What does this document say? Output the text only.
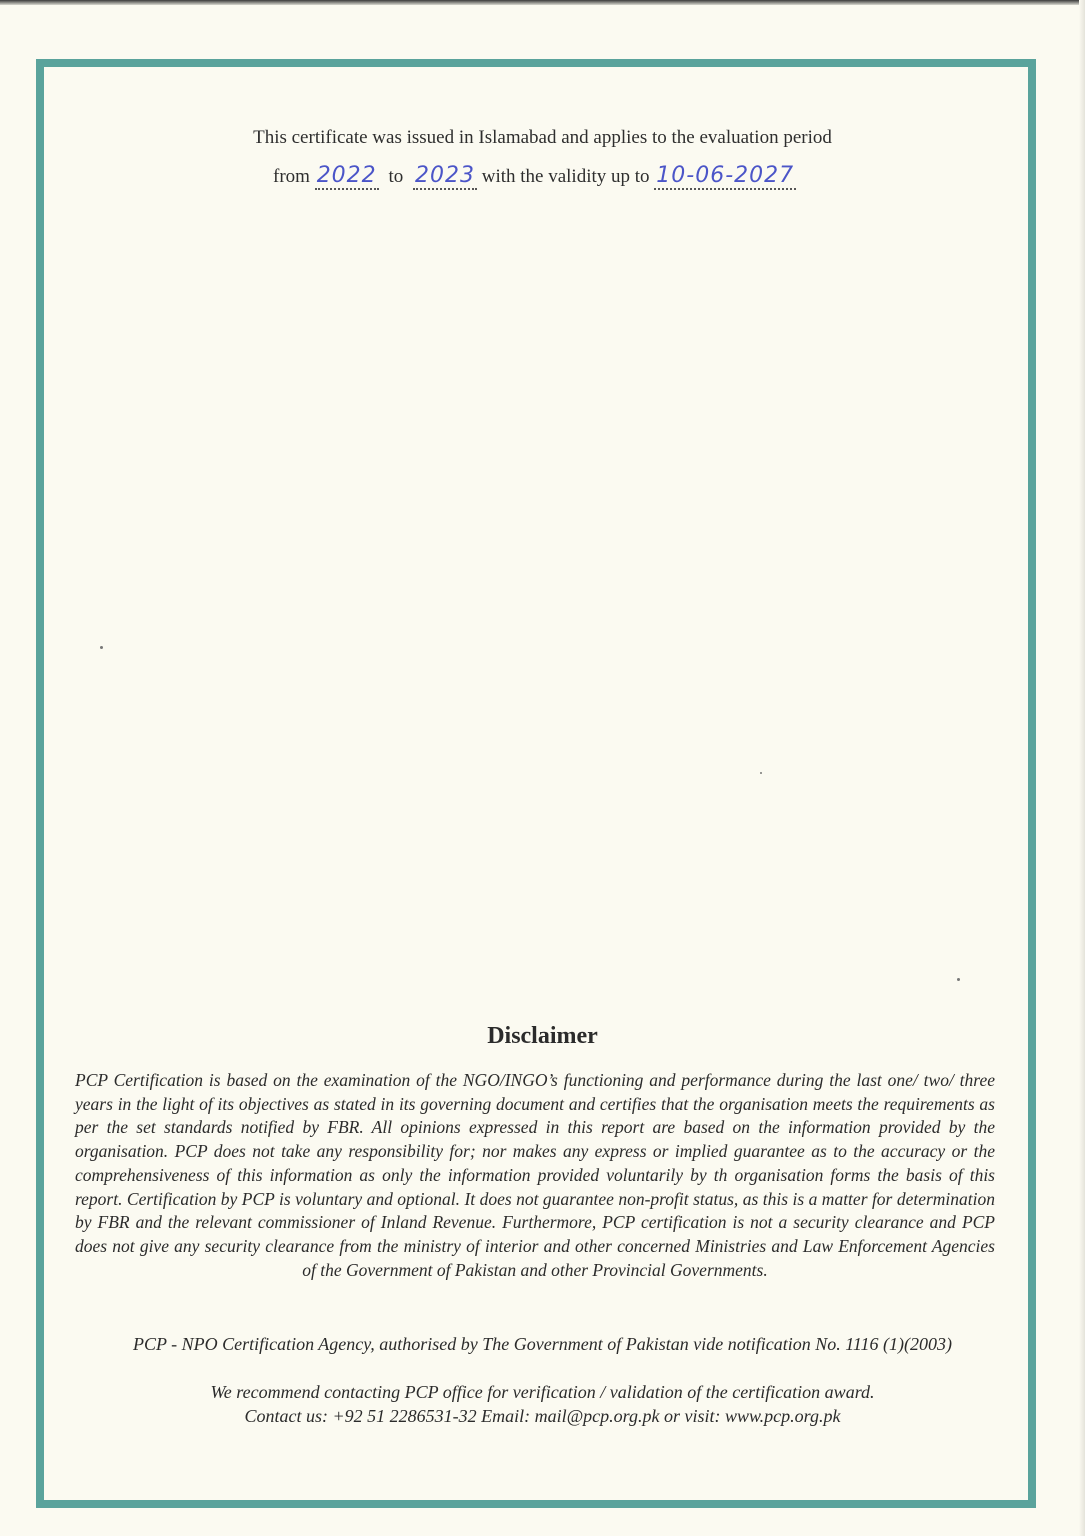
This certificate was issued in Islamabad and applies to the evaluation period
from 2022 to 2023 with the validity up to 10-06-2027
Disclaimer
PCP Certification is based on the examination of the NGO/INGO’s functioning and performance during the last one/ two/ three years in the light of its objectives as stated in its governing document and certifies that the organisation meets the requirements as per the set standards notified by FBR. All opinions expressed in this report are based on the information provided by the organisation. PCP does not take any responsibility for; nor makes any express or implied guarantee as to the accuracy or the comprehensiveness of this information as only the information provided voluntarily by th organisation forms the basis of this report. Certification by PCP is voluntary and optional. It does not guarantee non-profit status, as this is a matter for determination by FBR and the relevant commissioner of Inland Revenue. Furthermore, PCP certification is not a security clearance and PCP does not give any security clearance from the ministry of interior and other concerned Ministries and Law Enforcement Agencies of the Government of Pakistan and other Provincial Governments.
PCP - NPO Certification Agency, authorised by The Government of Pakistan vide notification No. 1116 (1)(2003)
We recommend contacting PCP office for verification / validation of the certification award.
Contact us: +92 51 2286531-32 Email: mail@pcp.org.pk or visit: www.pcp.org.pk
